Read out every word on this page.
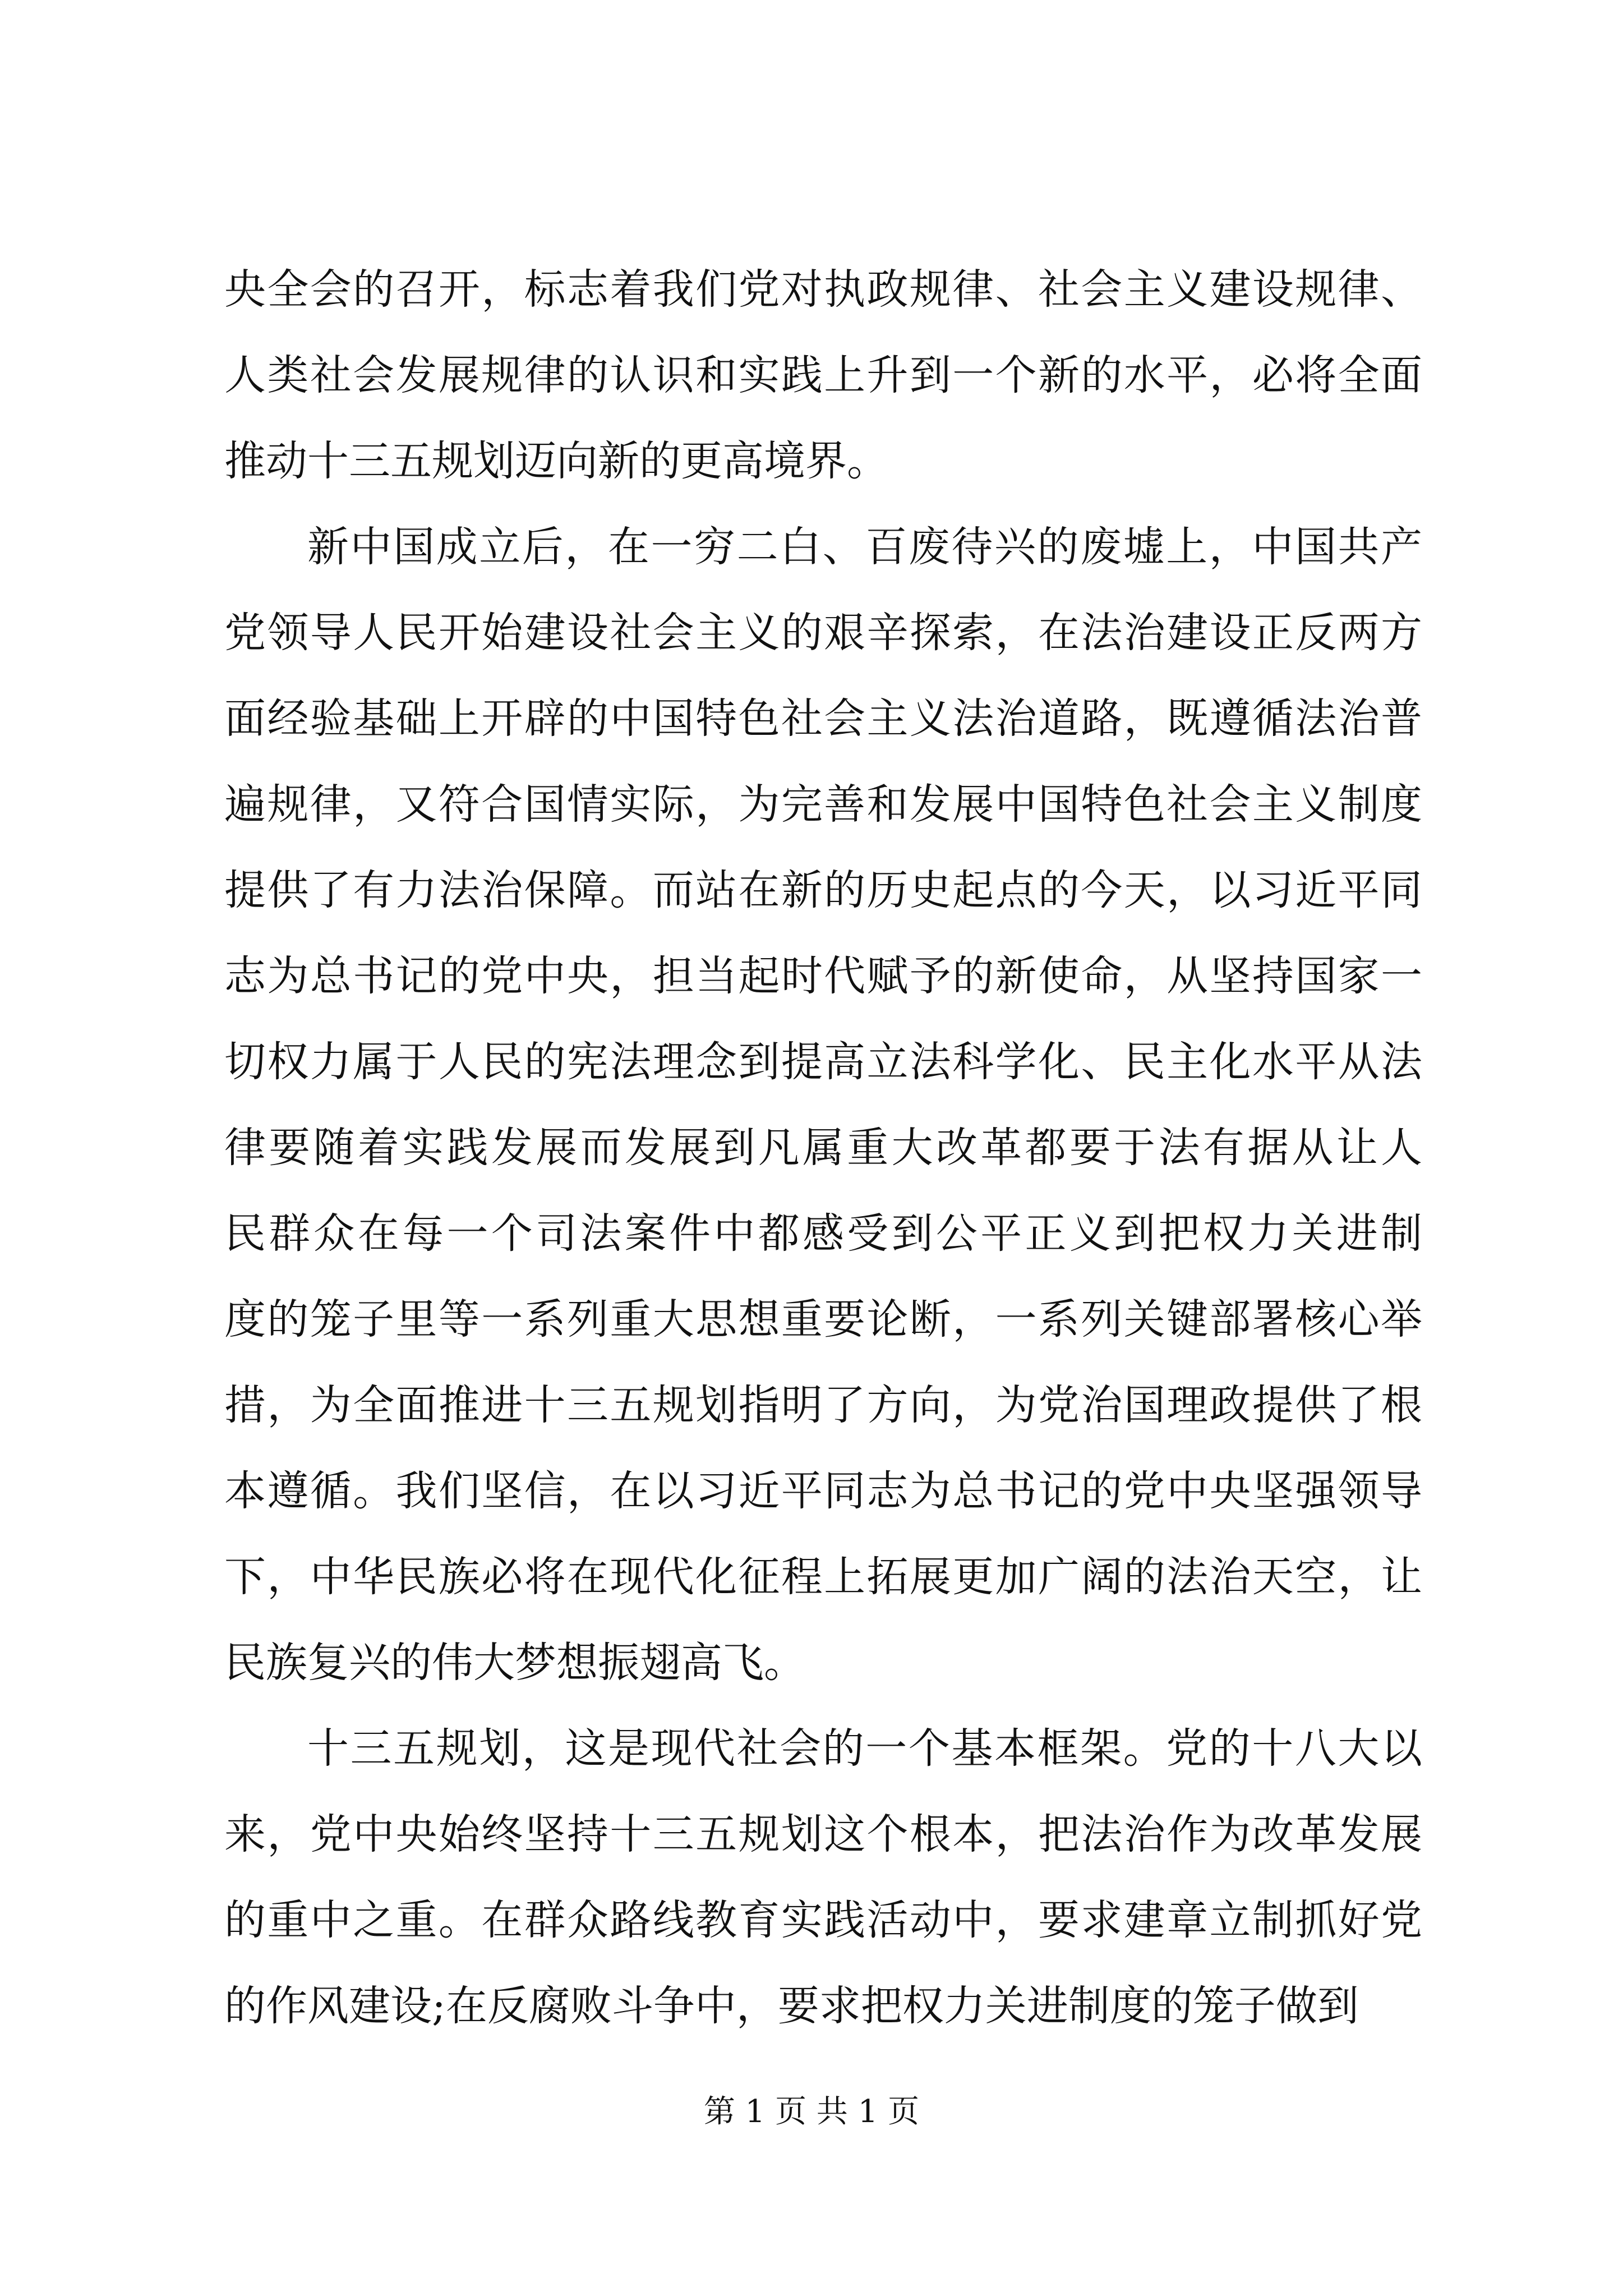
央全会的召开，标志着我们党对执政规律、社会主义建设规律、
人类社会发展规律的认识和实践上升到一个新的水平，必将全面
推动十三五规划迈向新的更高境界。
新中国成立后，在一穷二白、百废待兴的废墟上，中国共产
党领导人民开始建设社会主义的艰辛探索，在法治建设正反两方
面经验基础上开辟的中国特色社会主义法治道路，既遵循法治普
遍规律，又符合国情实际，为完善和发展中国特色社会主义制度
提供了有力法治保障。而站在新的历史起点的今天，以习近平同
志为总书记的党中央，担当起时代赋予的新使命，从坚持国家一
切权力属于人民的宪法理念到提高立法科学化、民主化水平从法
律要随着实践发展而发展到凡属重大改革都要于法有据从让人
民群众在每一个司法案件中都感受到公平正义到把权力关进制
度的笼子里等一系列重大思想重要论断，一系列关键部署核心举
措，为全面推进十三五规划指明了方向，为党治国理政提供了根
本遵循。我们坚信，在以习近平同志为总书记的党中央坚强领导
下，中华民族必将在现代化征程上拓展更加广阔的法治天空，让
民族复兴的伟大梦想振翅高飞。
十三五规划，这是现代社会的一个基本框架。党的十八大以
来，党中央始终坚持十三五规划这个根本，把法治作为改革发展
的重中之重。在群众路线教育实践活动中，要求建章立制抓好党
的作风建设;在反腐败斗争中，要求把权力关进制度的笼子做到
第 1 页 共 1 页
